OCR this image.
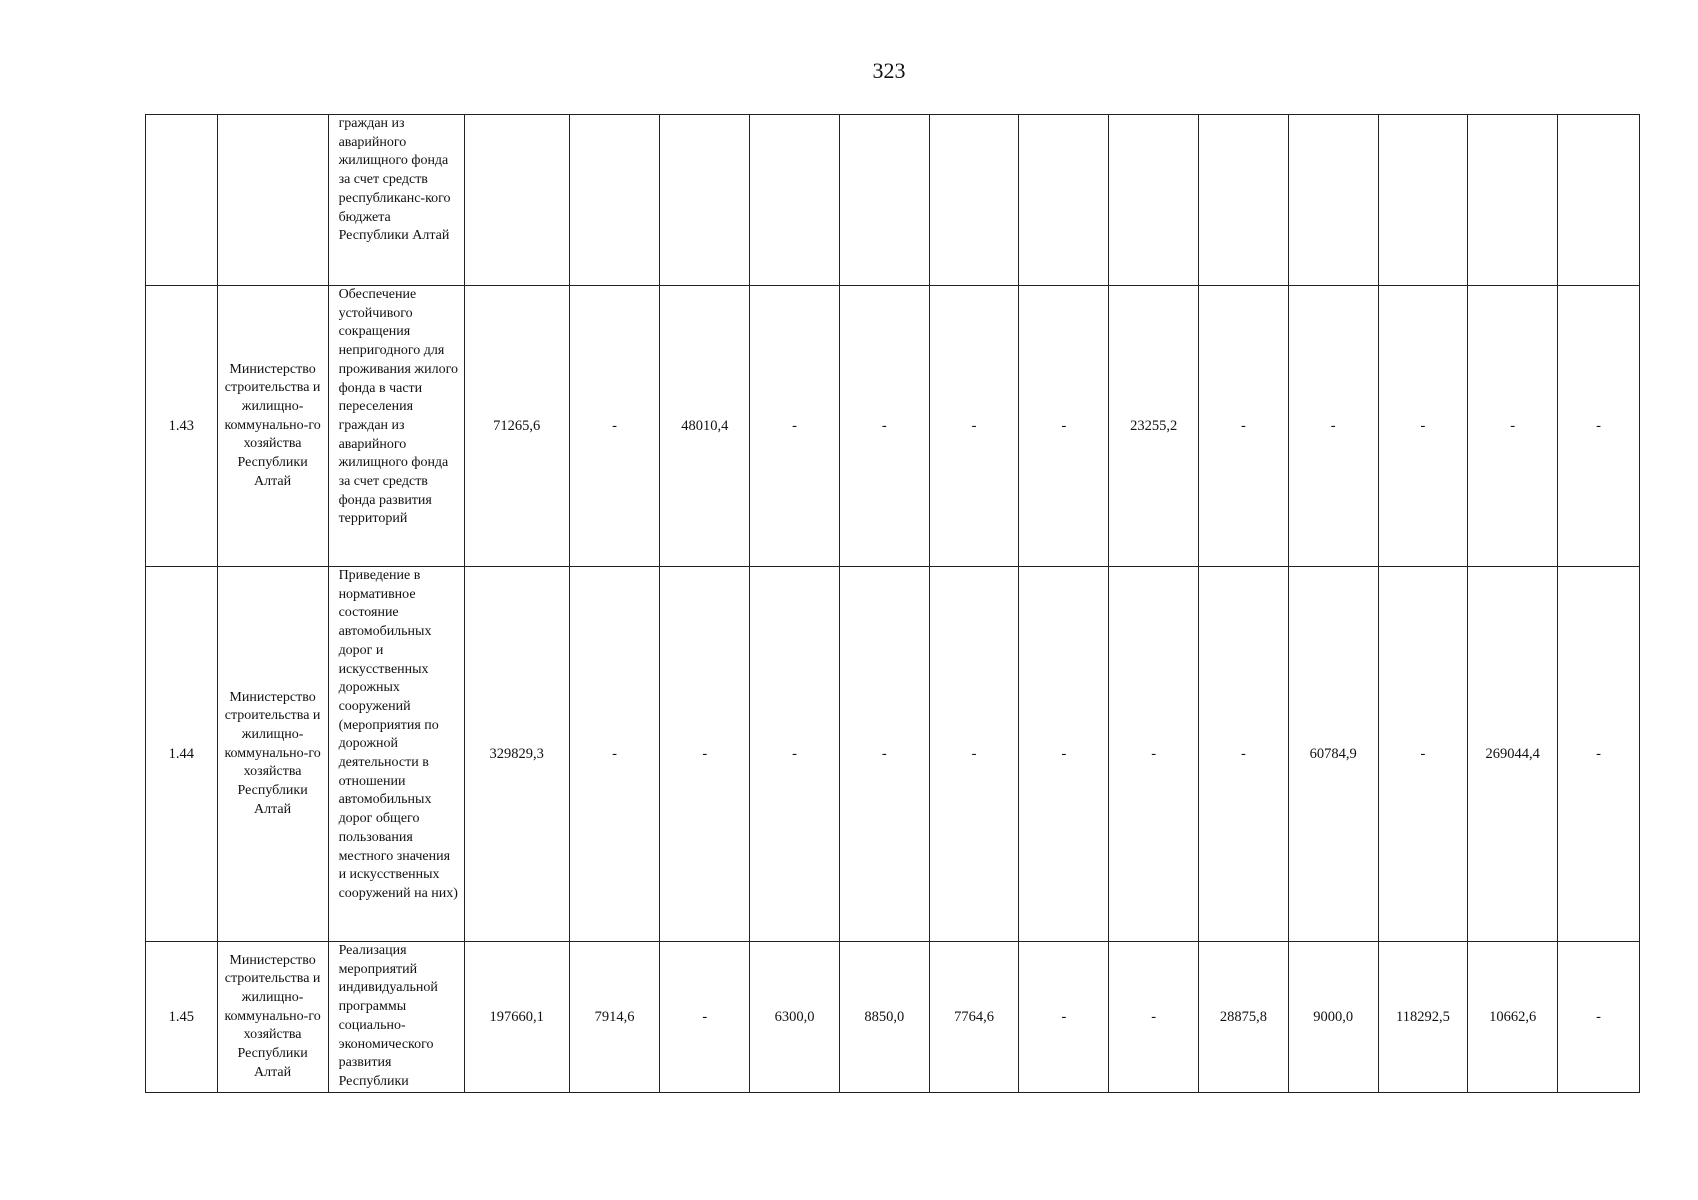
323
		граждан из аварийного жилищного фонда за счет средств республиканс-кого бюджета Республики Алтай													
1.43	Министерство строительства и жилищно-коммунально-го хозяйства Республики Алтай	Обеспечение устойчивого сокращения непригодного для проживания жилого фонда в части переселения граждан из аварийного жилищного фонда за счет средств фонда развития территорий	71265,6	-	48010,4	-	-	-	-	23255,2	-	-	-	-	-
1.44	Министерство строительства и жилищно-коммунально-го хозяйства Республики Алтай	Приведение в нормативное состояние автомобильных дорог и искусственных дорожных сооружений (мероприятия по дорожной деятельности в отношении автомобильных дорог общего пользования местного значения и искусственных сооружений на них)	329829,3	-	-	-	-	-	-	-	-	60784,9	-	269044,4	-
1.45	Министерство строительства и жилищно-коммунально-го хозяйства Республики Алтай	Реализация мероприятий индивидуальной программы социально-экономического развития Республики	197660,1	7914,6	-	6300,0	8850,0	7764,6	-	-	28875,8	9000,0	118292,5	10662,6	-
